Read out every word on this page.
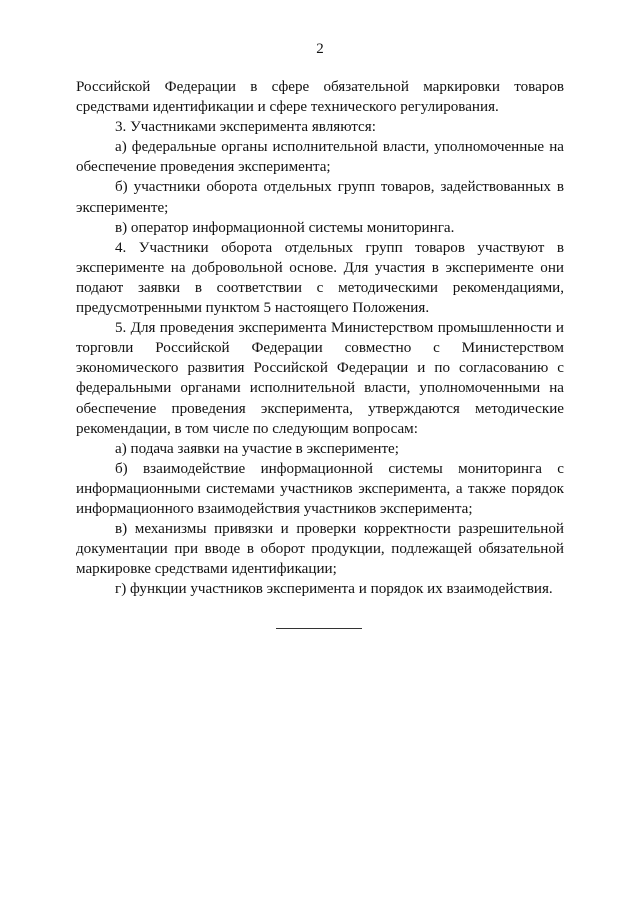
2

Российской Федерации в сфере обязательной маркировки товаров средствами идентификации и сфере технического регулирования.

3. Участниками эксперимента являются:

а) федеральные органы исполнительной власти, уполномоченные на обеспечение проведения эксперимента;

б) участники оборота отдельных групп товаров, задействованных в эксперименте;

в) оператор информационной системы мониторинга.

4. Участники оборота отдельных групп товаров участвуют в эксперименте на добровольной основе. Для участия в эксперименте они подают заявки в соответствии с методическими рекомендациями, предусмотренными пунктом 5 настоящего Положения.

5. Для проведения эксперимента Министерством промышленности и торговли Российской Федерации совместно с Министерством экономического развития Российской Федерации и по согласованию с федеральными органами исполнительной власти, уполномоченными на обеспечение проведения эксперимента, утверждаются методические рекомендации, в том числе по следующим вопросам:

а) подача заявки на участие в эксперименте;

б) взаимодействие информационной системы мониторинга с информационными системами участников эксперимента, а также порядок информационного взаимодействия участников эксперимента;

в) механизмы привязки и проверки корректности разрешительной документации при вводе в оборот продукции, подлежащей обязательной маркировке средствами идентификации;

г) функции участников эксперимента и порядок их взаимодействия.
